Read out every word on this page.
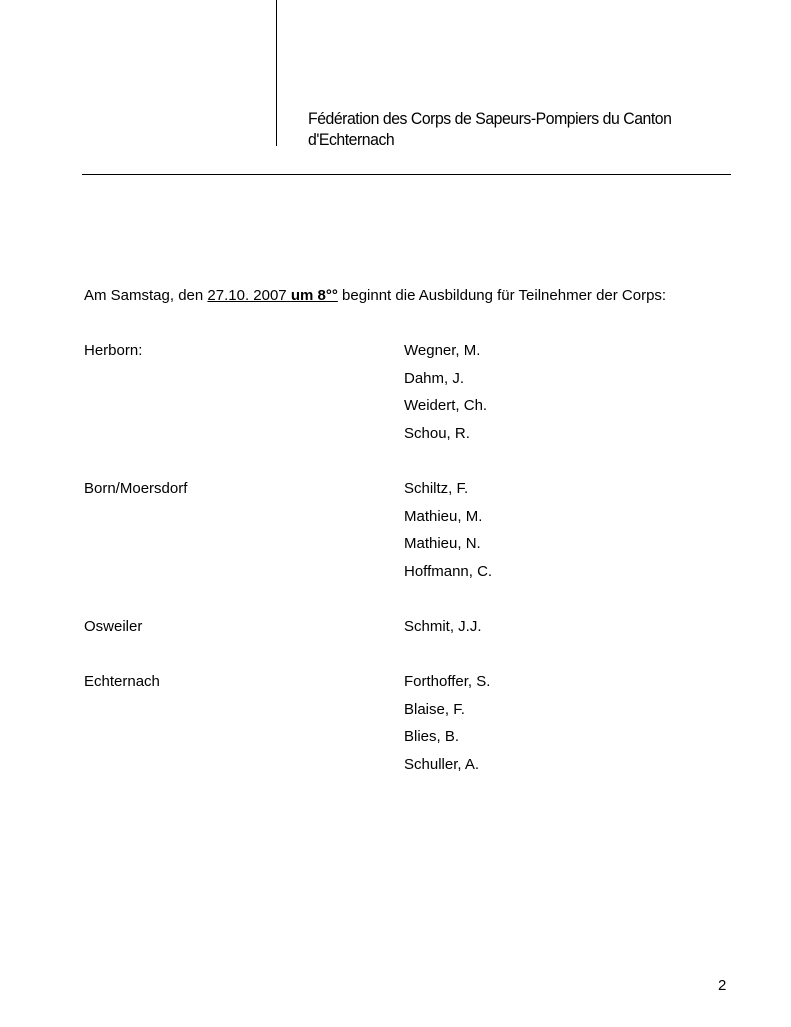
Fédération des Corps de Sapeurs-Pompiers du Canton
d'Echternach
Am Samstag, den 27.10. 2007 um 8°° beginnt die Ausbildung für Teilnehmer der Corps:
Herborn:	Wegner, M.
Dahm, J.
Weidert, Ch.
Schou, R.
Born/Moersdorf	Schiltz, F.
Mathieu, M.
Mathieu, N.
Hoffmann, C.
Osweiler	Schmit, J.J.
Echternach	Forthoffer, S.
Blaise, F.
Blies, B.
Schuller, A.
2
